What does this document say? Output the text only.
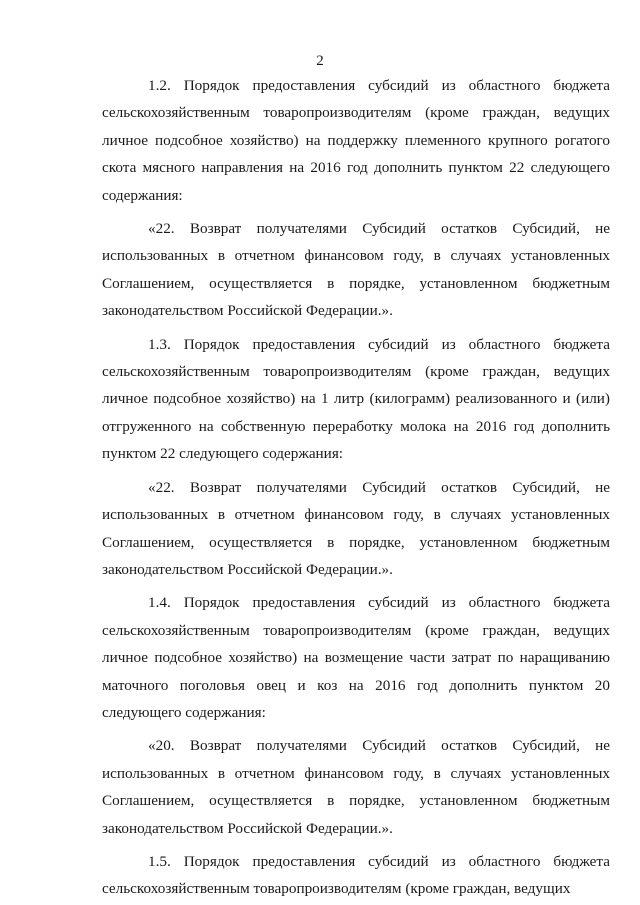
2

1.2. Порядок предоставления субсидий из областного бюджета сельскохозяйственным товаропроизводителям (кроме граждан, ведущих личное подсобное хозяйство) на поддержку племенного крупного рогатого скота мясного направления на 2016 год дополнить пунктом 22 следующего содержания:

«22. Возврат получателями Субсидий остатков Субсидий, не использованных в отчетном финансовом году, в случаях установленных Соглашением, осуществляется в порядке, установленном бюджетным законодательством Российской Федерации.».

1.3. Порядок предоставления субсидий из областного бюджета сельскохозяйственным товаропроизводителям (кроме граждан, ведущих личное подсобное хозяйство) на 1 литр (килограмм) реализованного и (или) отгруженного на собственную переработку молока на 2016 год дополнить пунктом 22 следующего содержания:

«22. Возврат получателями Субсидий остатков Субсидий, не использованных в отчетном финансовом году, в случаях установленных Соглашением, осуществляется в порядке, установленном бюджетным законодательством Российской Федерации.».

1.4. Порядок предоставления субсидий из областного бюджета сельскохозяйственным товаропроизводителям (кроме граждан, ведущих личное подсобное хозяйство) на возмещение части затрат по наращиванию маточного поголовья овец и коз на 2016 год дополнить пунктом 20 следующего содержания:

«20. Возврат получателями Субсидий остатков Субсидий, не использованных в отчетном финансовом году, в случаях установленных Соглашением, осуществляется в порядке, установленном бюджетным законодательством Российской Федерации.».

1.5. Порядок предоставления субсидий из областного бюджета сельскохозяйственным товаропроизводителям (кроме граждан, ведущих
